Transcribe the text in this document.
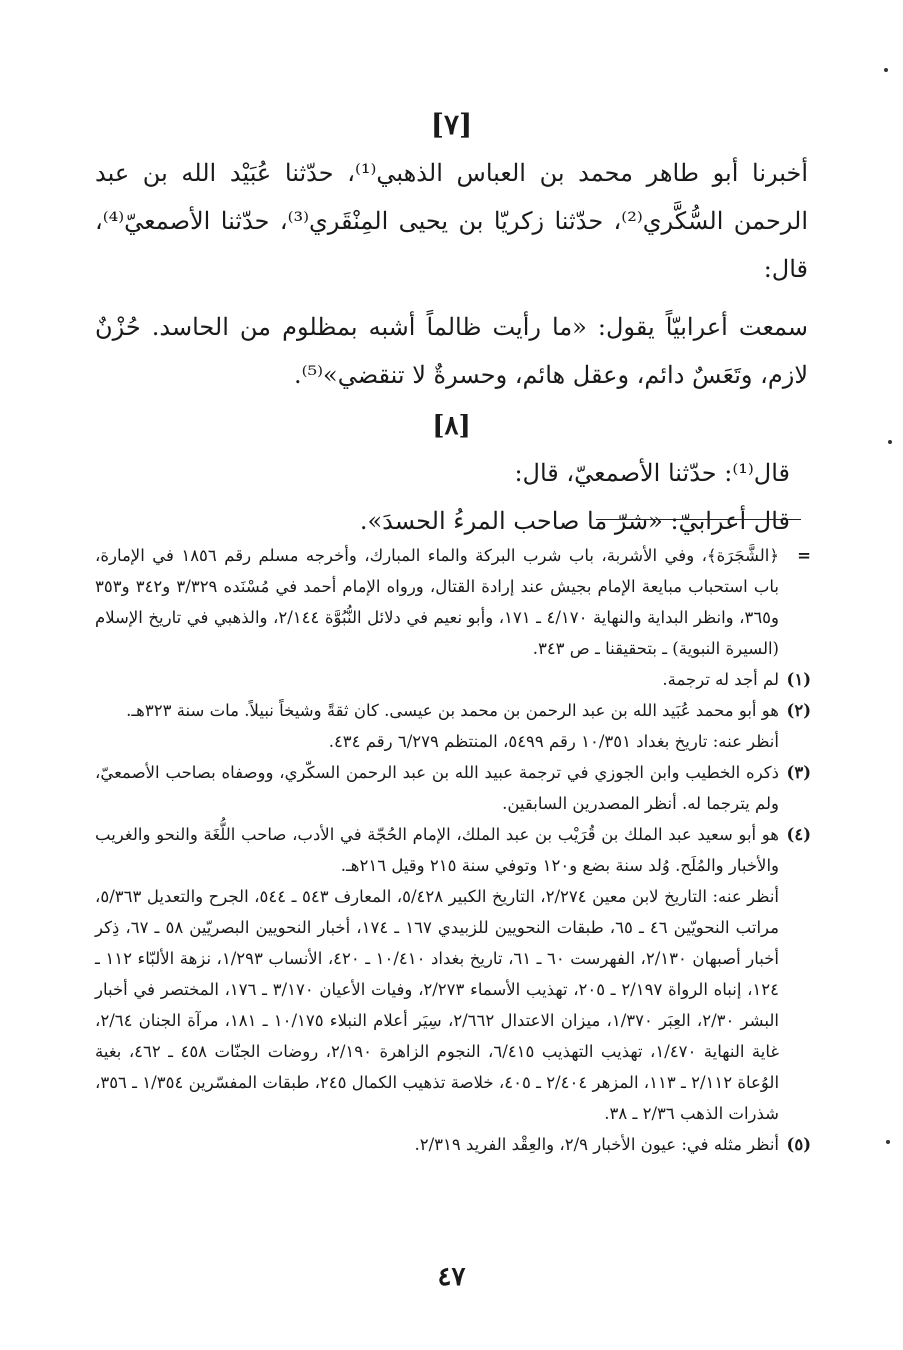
[٧]

أخبرنا أبو طاهر محمد بن العباس الذهبي⁽¹⁾، حدّثنا عُبَيْد الله بن عبد الرحمن السُّكَّري⁽²⁾، حدّثنا زكريّا بن يحيى المِنْقَري⁽³⁾، حدّثنا الأصمعيّ⁽⁴⁾، قال:

سمعت أعرابيّاً يقول: «ما رأيت ظالماً أشبه بمظلوم من الحاسد. حُزْنٌ لازم، وتَعَسٌ دائم، وعقل هائم، وحسرةٌ لا تنقضي»⁽⁵⁾.

[٨]

قال⁽¹⁾: حدّثنا الأصمعيّ، قال:

قال أعرابيّ: «شرّ ما صاحب المرءُ الحسدَ».

=

﴿الشَّجَرَة﴾، وفي الأشربة، باب شرب البركة والماء المبارك، وأخرجه مسلم رقم ١٨٥٦ في الإمارة، باب استحباب مبايعة الإمام بجيش عند إرادة القتال، ورواه الإمام أحمد في مُسْنَده ٣/٣٢٩ و٣٤٢ و٣٥٣ و٣٦٥، وانظر البداية والنهاية ٤/١٧٠ ـ ١٧١، وأبو نعيم في دلائل النُّبُوَّة ٢/١٤٤، والذهبي في تاريخ الإسلام (السيرة النبوية) ـ بتحقيقنا ـ ص ٣٤٣.

(١)

لم أجد له ترجمة.

(٢)

هو أبو محمد عُبَيد الله بن عبد الرحمن بن محمد بن عيسى. كان ثقةً وشيخاً نبيلاً. مات سنة ٣٢٣هـ.

أنظر عنه: تاريخ بغداد ١٠/٣٥١ رقم ٥٤٩٩، المنتظم ٦/٢٧٩ رقم ٤٣٤.

(٣)

ذكره الخطيب وابن الجوزي في ترجمة عبيد الله بن عبد الرحمن السكّري، ووصفاه بصاحب الأصمعيّ، ولم يترجما له. أنظر المصدرين السابقين.

(٤)

هو أبو سعيد عبد الملك بن قُرَيْب بن عبد الملك، الإمام الحُجّة في الأدب، صاحب اللُّغَة والنحو والغريب والأخبار والمُلَح. وُلد سنة بضع و١٢٠ وتوفي سنة ٢١٥ وقيل ٢١٦هـ.

أنظر عنه: التاريخ لابن معين ٢/٢٧٤، التاريخ الكبير ٥/٤٢٨، المعارف ٥٤٣ ـ ٥٤٤، الجرح والتعديل ٥/٣٦٣، مراتب النحويّين ٤٦ ـ ٦٥، طبقات النحويين للزبيدي ١٦٧ ـ ١٧٤، أخبار النحويين البصريّين ٥٨ ـ ٦٧، ذِكر أخبار أصبهان ٢/١٣٠، الفهرست ٦٠ ـ ٦١، تاريخ بغداد ١٠/٤١٠ ـ ٤٢٠، الأنساب ١/٢٩٣، نزهة الألبّاء ١١٢ ـ ١٢٤، إنباه الرواة ٢/١٩٧ ـ ٢٠٥، تهذيب الأسماء ٢/٢٧٣، وفيات الأعيان ٣/١٧٠ ـ ١٧٦، المختصر في أخبار البشر ٢/٣٠، العِبَر ١/٣٧٠، ميزان الاعتدال ٢/٦٦٢، سِيَر أعلام النبلاء ١٠/١٧٥ ـ ١٨١، مرآة الجنان ٢/٦٤، غاية النهاية ١/٤٧٠، تهذيب التهذيب ٦/٤١٥، النجوم الزاهرة ٢/١٩٠، روضات الجنّات ٤٥٨ ـ ٤٦٢، بغية الوُعاة ٢/١١٢ ـ ١١٣، المزهر ٢/٤٠٤ ـ ٤٠٥، خلاصة تذهيب الكمال ٢٤٥، طبقات المفسّرين ١/٣٥٤ ـ ٣٥٦، شذرات الذهب ٢/٣٦ ـ ٣٨.

(٥)

أنظر مثله في: عيون الأخبار ٢/٩، والعِقْد الفريد ٢/٣١٩.

٤٧
